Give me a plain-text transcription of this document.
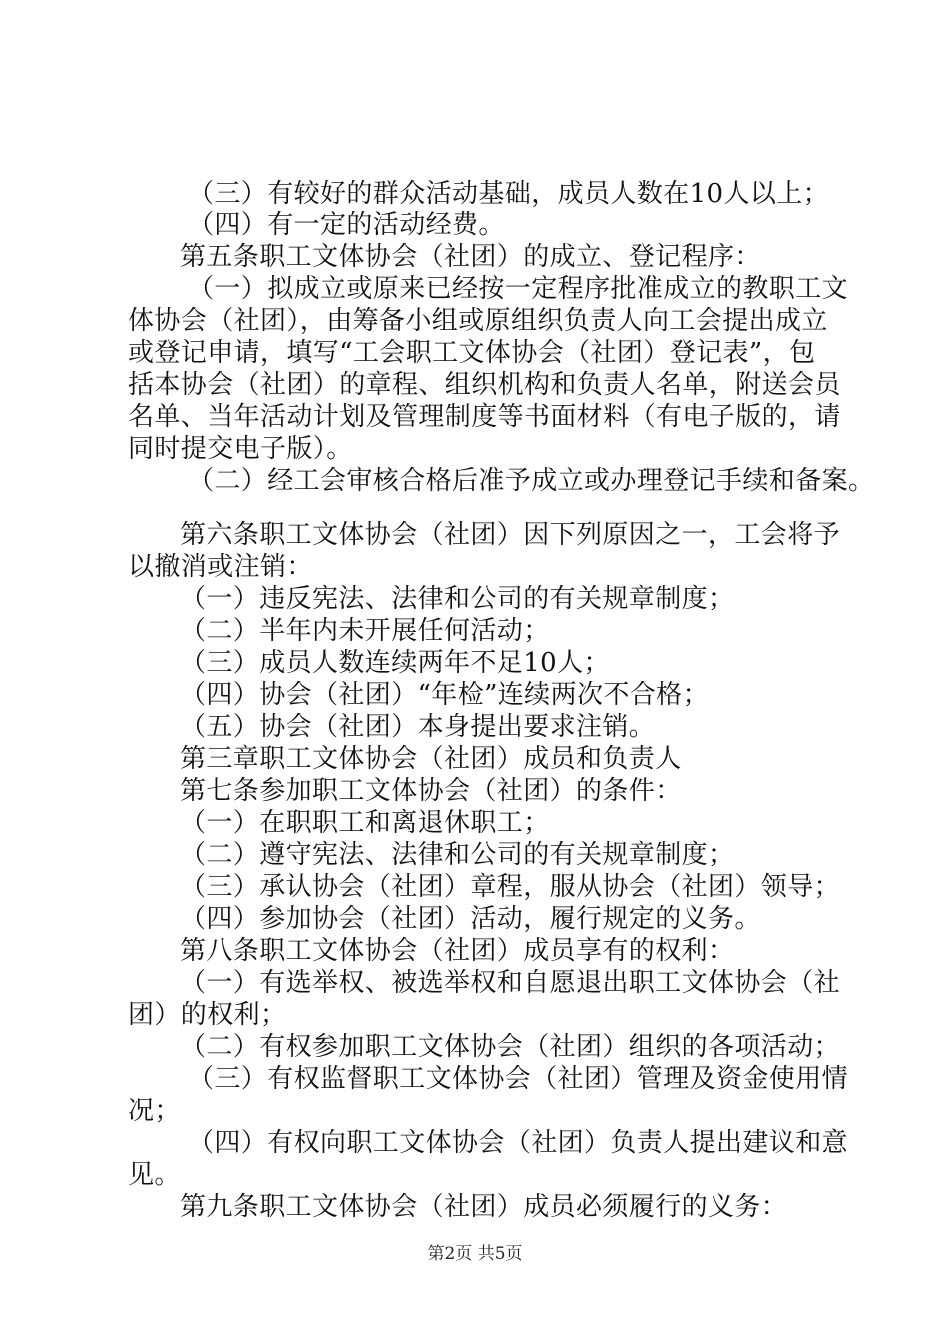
（三）有较好的群众活动基础，成员人数在10人以上；
（四）有一定的活动经费。
第五条职工文体协会（社团）的成立、登记程序：
（一）拟成立或原来已经按一定程序批准成立的教职工文
体协会（社团），由筹备小组或原组织负责人向工会提出成立
或登记申请，填写“工会职工文体协会（社团）登记表”，包
括本协会（社团）的章程、组织机构和负责人名单，附送会员
名单、当年活动计划及管理制度等书面材料（有电子版的，请
同时提交电子版）。
（二）经工会审核合格后准予成立或办理登记手续和备案。
第六条职工文体协会（社团）因下列原因之一，工会将予
以撤消或注销：
（一）违反宪法、法律和公司的有关规章制度；
（二）半年内未开展任何活动；
（三）成员人数连续两年不足10人；
（四）协会（社团）“年检”连续两次不合格；
（五）协会（社团）本身提出要求注销。
第三章职工文体协会（社团）成员和负责人
第七条参加职工文体协会（社团）的条件：
（一）在职职工和离退休职工；
（二）遵守宪法、法律和公司的有关规章制度；
（三）承认协会（社团）章程，服从协会（社团）领导；
（四）参加协会（社团）活动，履行规定的义务。
第八条职工文体协会（社团）成员享有的权利：
（一）有选举权、被选举权和自愿退出职工文体协会（社
团）的权利；
（二）有权参加职工文体协会（社团）组织的各项活动；
（三）有权监督职工文体协会（社团）管理及资金使用情
况；
（四）有权向职工文体协会（社团）负责人提出建议和意
见。
第九条职工文体协会（社团）成员必须履行的义务：
第2页 共5页
